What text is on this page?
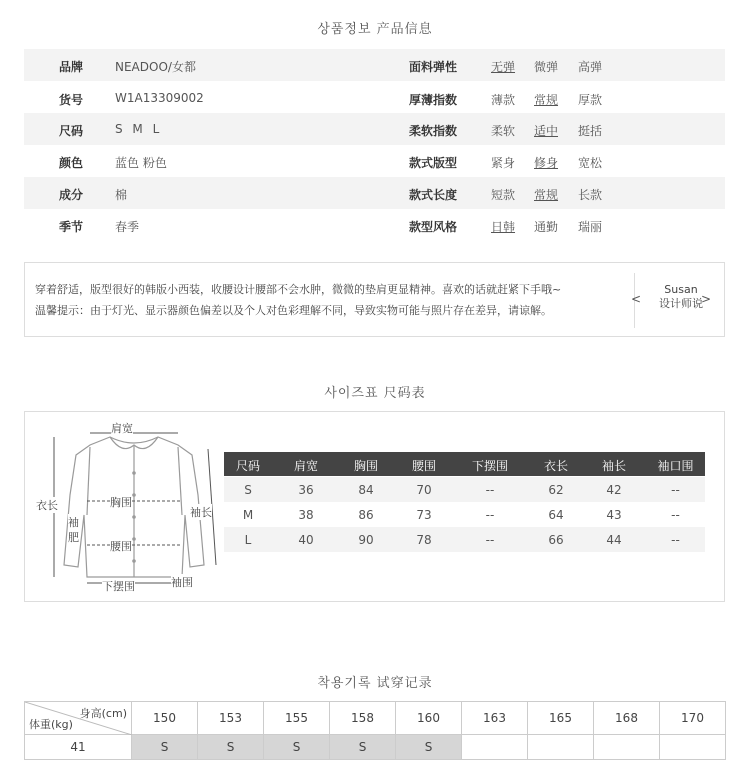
상품정보 产品信息
品牌	NEADOO/女都	面料弹性	无弹 微弹 高弹
货号	W1A13309002	厚薄指数	薄款 常规 厚款
尺码	S M L	柔软指数	柔软 适中 挺括
颜色	蓝色 粉色	款式版型	紧身 修身 宽松
成分	棉	款式长度	短款 常规 长款
季节	春季	款型风格	日韩 通勤 瑞丽
穿着舒适，版型很好的韩版小西装，收腰设计腰部不会水肿，微微的垫肩更显精神。喜欢的话就赶紧下手哦~
温馨提示：由于灯光、显示器颜色偏差以及个人对色彩理解不同，导致实物可能与照片存在差异，请谅解。
<
Susan
设计师说
>
사이즈표 尺码表
肩宽
衣长
袖
肥
胸围
袖长
腰围
下摆围	袖围
尺码	肩宽	胸围	腰围	下摆围	衣长	袖长	袖口围
S	36	84	70	--	62	42	--
M	38	86	73	--	64	43	--
L	40	90	78	--	66	44	--
착용기록 试穿记录
身高(cm)
体重(kg)	150	153	155	158	160	163	165	168	170
41	S	S	S	S	S
